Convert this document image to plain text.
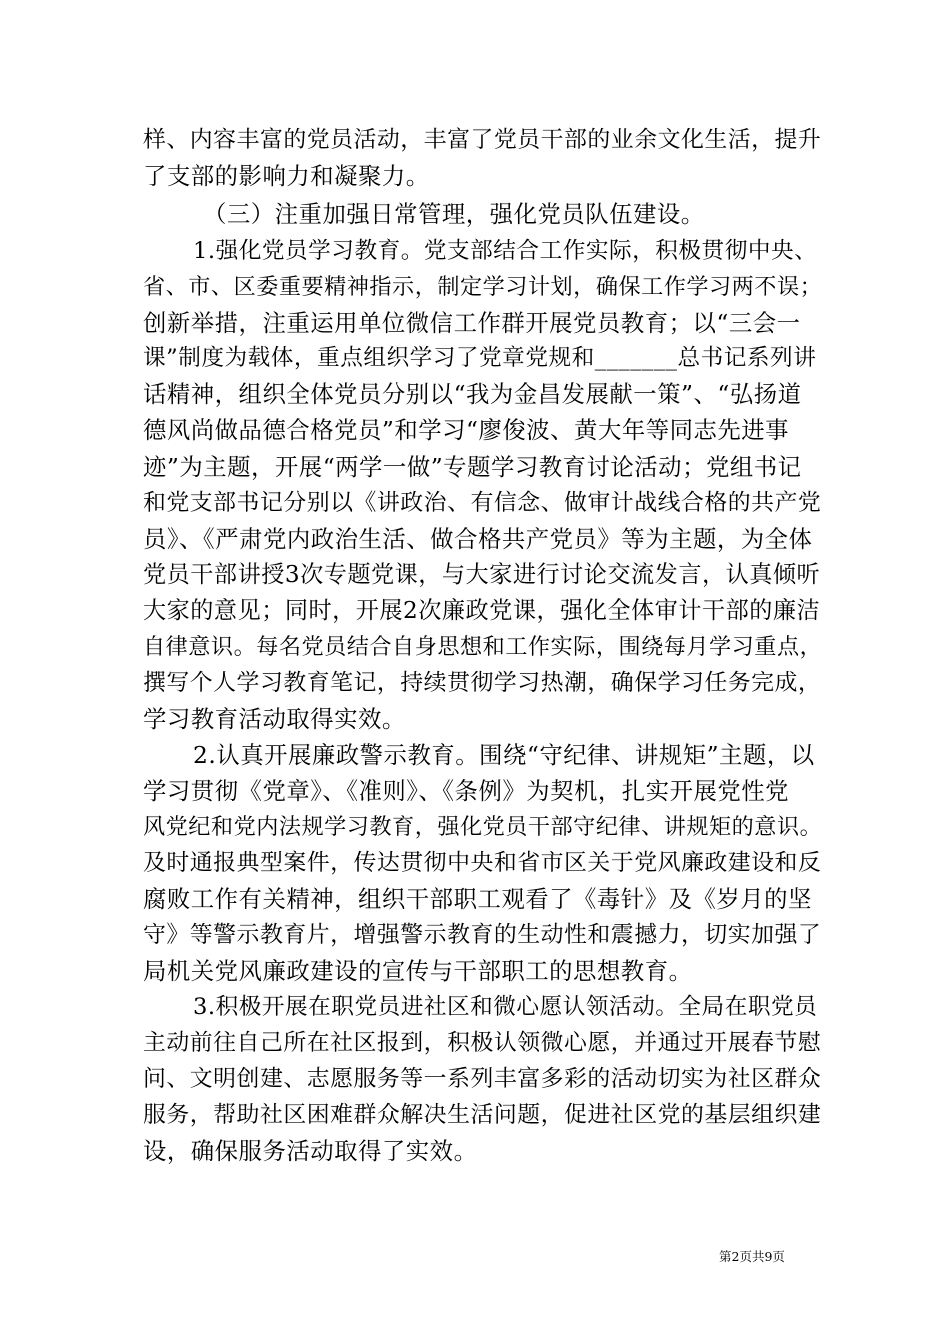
样、内容丰富的党员活动，丰富了党员干部的业余文化生活，提升
了支部的影响力和凝聚力。
（三）注重加强日常管理，强化党员队伍建设。
1.强化党员学习教育。党支部结合工作实际，积极贯彻中央、
省、市、区委重要精神指示，制定学习计划，确保工作学习两不误；
创新举措，注重运用单位微信工作群开展党员教育；以“三会一
课”制度为载体，重点组织学习了党章党规和_______总书记系列讲
话精神，组织全体党员分别以“我为金昌发展献一策”、“弘扬道
德风尚做品德合格党员”和学习“廖俊波、黄大年等同志先进事
迹”为主题，开展“两学一做”专题学习教育讨论活动；党组书记
和党支部书记分别以《讲政治、有信念、做审计战线合格的共产党
员》、《严肃党内政治生活、做合格共产党员》等为主题，为全体
党员干部讲授3次专题党课，与大家进行讨论交流发言，认真倾听
大家的意见；同时，开展2次廉政党课，强化全体审计干部的廉洁
自律意识。每名党员结合自身思想和工作实际，围绕每月学习重点，
撰写个人学习教育笔记，持续贯彻学习热潮，确保学习任务完成，
学习教育活动取得实效。
2.认真开展廉政警示教育。围绕“守纪律、讲规矩”主题，以
学习贯彻《党章》、《准则》、《条例》为契机，扎实开展党性党
风党纪和党内法规学习教育，强化党员干部守纪律、讲规矩的意识。
及时通报典型案件，传达贯彻中央和省市区关于党风廉政建设和反
腐败工作有关精神，组织干部职工观看了《毒针》及《岁月的坚
守》等警示教育片，增强警示教育的生动性和震撼力，切实加强了
局机关党风廉政建设的宣传与干部职工的思想教育。
3.积极开展在职党员进社区和微心愿认领活动。全局在职党员
主动前往自己所在社区报到，积极认领微心愿，并通过开展春节慰
问、文明创建、志愿服务等一系列丰富多彩的活动切实为社区群众
服务，帮助社区困难群众解决生活问题，促进社区党的基层组织建
设，确保服务活动取得了实效。
第2页共9页
